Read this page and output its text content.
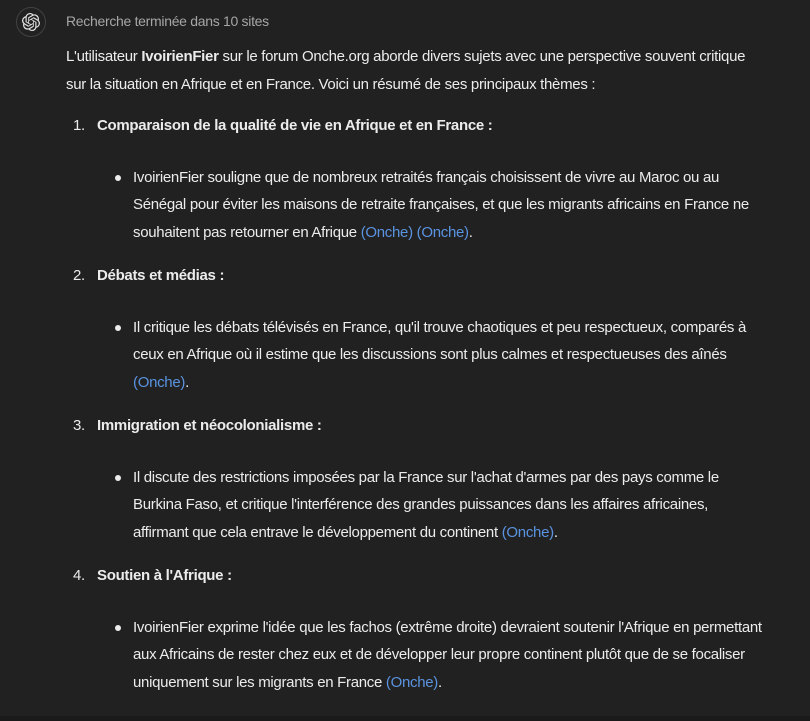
Recherche terminée dans 10 sites

L'utilisateur IvoirienFier sur le forum Onche.org aborde divers sujets avec une perspective souvent critique sur la situation en Afrique et en France. Voici un résumé de ses principaux thèmes :

1. Comparaison de la qualité de vie en Afrique et en France :
IvoirienFier souligne que de nombreux retraités français choisissent de vivre au Maroc ou au Sénégal pour éviter les maisons de retraite françaises, et que les migrants africains en France ne souhaitent pas retourner en Afrique (Onche) (Onche).
2. Débats et médias :
Il critique les débats télévisés en France, qu'il trouve chaotiques et peu respectueux, comparés à ceux en Afrique où il estime que les discussions sont plus calmes et respectueuses des aînés (Onche).
3. Immigration et néocolonialisme :
Il discute des restrictions imposées par la France sur l'achat d'armes par des pays comme le Burkina Faso, et critique l'interférence des grandes puissances dans les affaires africaines, affirmant que cela entrave le développement du continent (Onche).
4. Soutien à l'Afrique :
IvoirienFier exprime l'idée que les fachos (extrême droite) devraient soutenir l'Afrique en permettant aux Africains de rester chez eux et de développer leur propre continent plutôt que de se focaliser uniquement sur les migrants en France (Onche).
